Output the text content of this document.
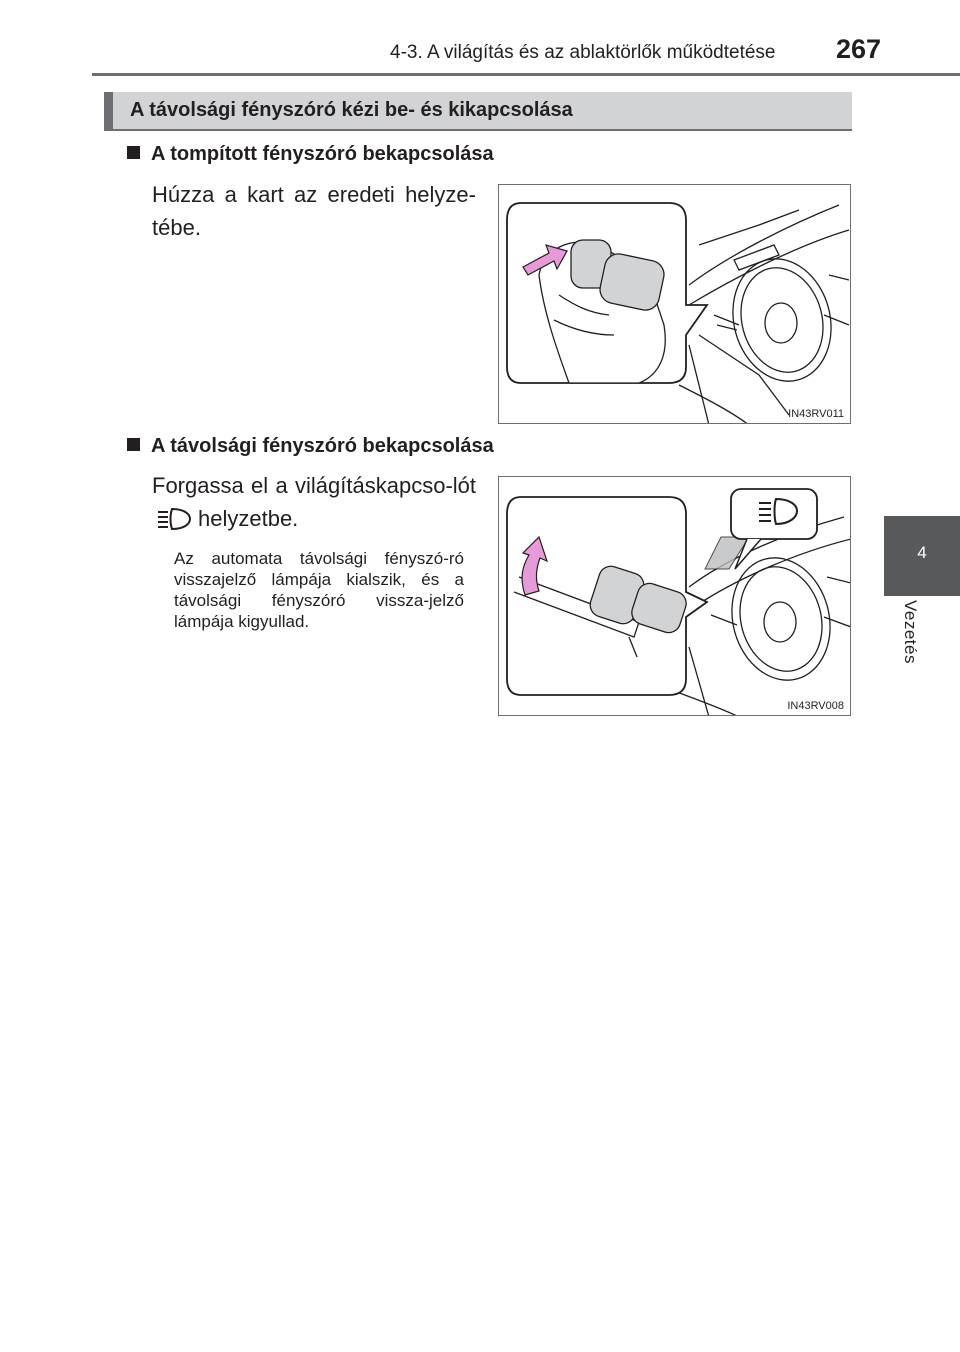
4-3. A világítás és az ablaktörlők működtetése 267
4
Vezetés
A távolsági fényszóró kézi be- és kikapcsolása
A tompított fényszóró bekapcsolása
Húzza a kart az eredeti helyze-tébe.
IN43RV011
A távolsági fényszóró bekapcsolása
Forgassa el a világításkapcso-lóthelyzetbe.
Az automata távolsági fényszó-ró visszajelző lámpája kialszik, és a távolsági fényszóró vissza-jelző lámpája kigyullad.
IN43RV008
